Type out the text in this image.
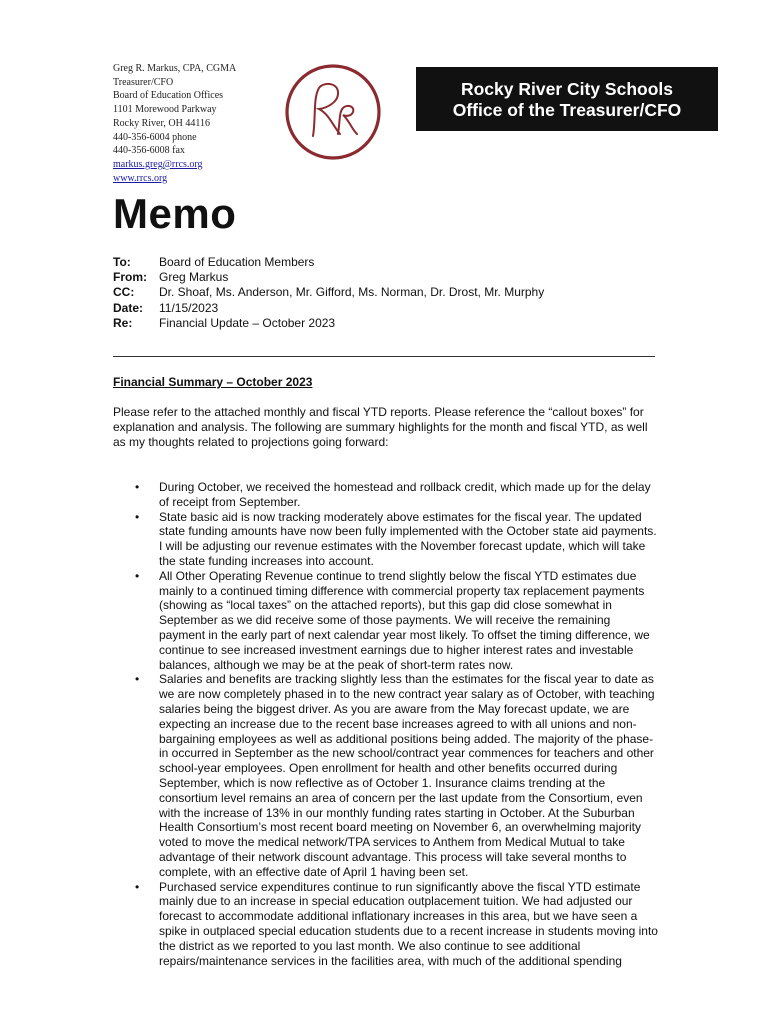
Greg R. Markus, CPA, CGMA
Treasurer/CFO
Board of Education Offices
1101 Morewood Parkway
Rocky River, OH 44116
440-356-6004 phone
440-356-6008 fax
markus.greg@rrcs.org
www.rrcs.org
Rocky River City Schools
Office of the Treasurer/CFO
Memo
To:	Board of Education Members
From:	Greg Markus
CC:	Dr. Shoaf, Ms. Anderson, Mr. Gifford, Ms. Norman, Dr. Drost, Mr. Murphy
Date:	11/15/2023
Re:	Financial Update – October 2023
Financial Summary – October 2023
Please refer to the attached monthly and fiscal YTD reports. Please reference the “callout boxes” for
explanation and analysis. The following are summary highlights for the month and fiscal YTD, as well
as my thoughts related to projections going forward:
• During October, we received the homestead and rollback credit, which made up for the delay
of receipt from September.
• State basic aid is now tracking moderately above estimates for the fiscal year. The updated
state funding amounts have now been fully implemented with the October state aid payments.
I will be adjusting our revenue estimates with the November forecast update, which will take
the state funding increases into account.
• All Other Operating Revenue continue to trend slightly below the fiscal YTD estimates due
mainly to a continued timing difference with commercial property tax replacement payments
(showing as “local taxes” on the attached reports), but this gap did close somewhat in
September as we did receive some of those payments. We will receive the remaining
payment in the early part of next calendar year most likely. To offset the timing difference, we
continue to see increased investment earnings due to higher interest rates and investable
balances, although we may be at the peak of short-term rates now.
• Salaries and benefits are tracking slightly less than the estimates for the fiscal year to date as
we are now completely phased in to the new contract year salary as of October, with teaching
salaries being the biggest driver. As you are aware from the May forecast update, we are
expecting an increase due to the recent base increases agreed to with all unions and non-
bargaining employees as well as additional positions being added. The majority of the phase-
in occurred in September as the new school/contract year commences for teachers and other
school-year employees. Open enrollment for health and other benefits occurred during
September, which is now reflective as of October 1. Insurance claims trending at the
consortium level remains an area of concern per the last update from the Consortium, even
with the increase of 13% in our monthly funding rates starting in October. At the Suburban
Health Consortium’s most recent board meeting on November 6, an overwhelming majority
voted to move the medical network/TPA services to Anthem from Medical Mutual to take
advantage of their network discount advantage. This process will take several months to
complete, with an effective date of April 1 having been set.
• Purchased service expenditures continue to run significantly above the fiscal YTD estimate
mainly due to an increase in special education outplacement tuition. We had adjusted our
forecast to accommodate additional inflationary increases in this area, but we have seen a
spike in outplaced special education students due to a recent increase in students moving into
the district as we reported to you last month. We also continue to see additional
repairs/maintenance services in the facilities area, with much of the additional spending
